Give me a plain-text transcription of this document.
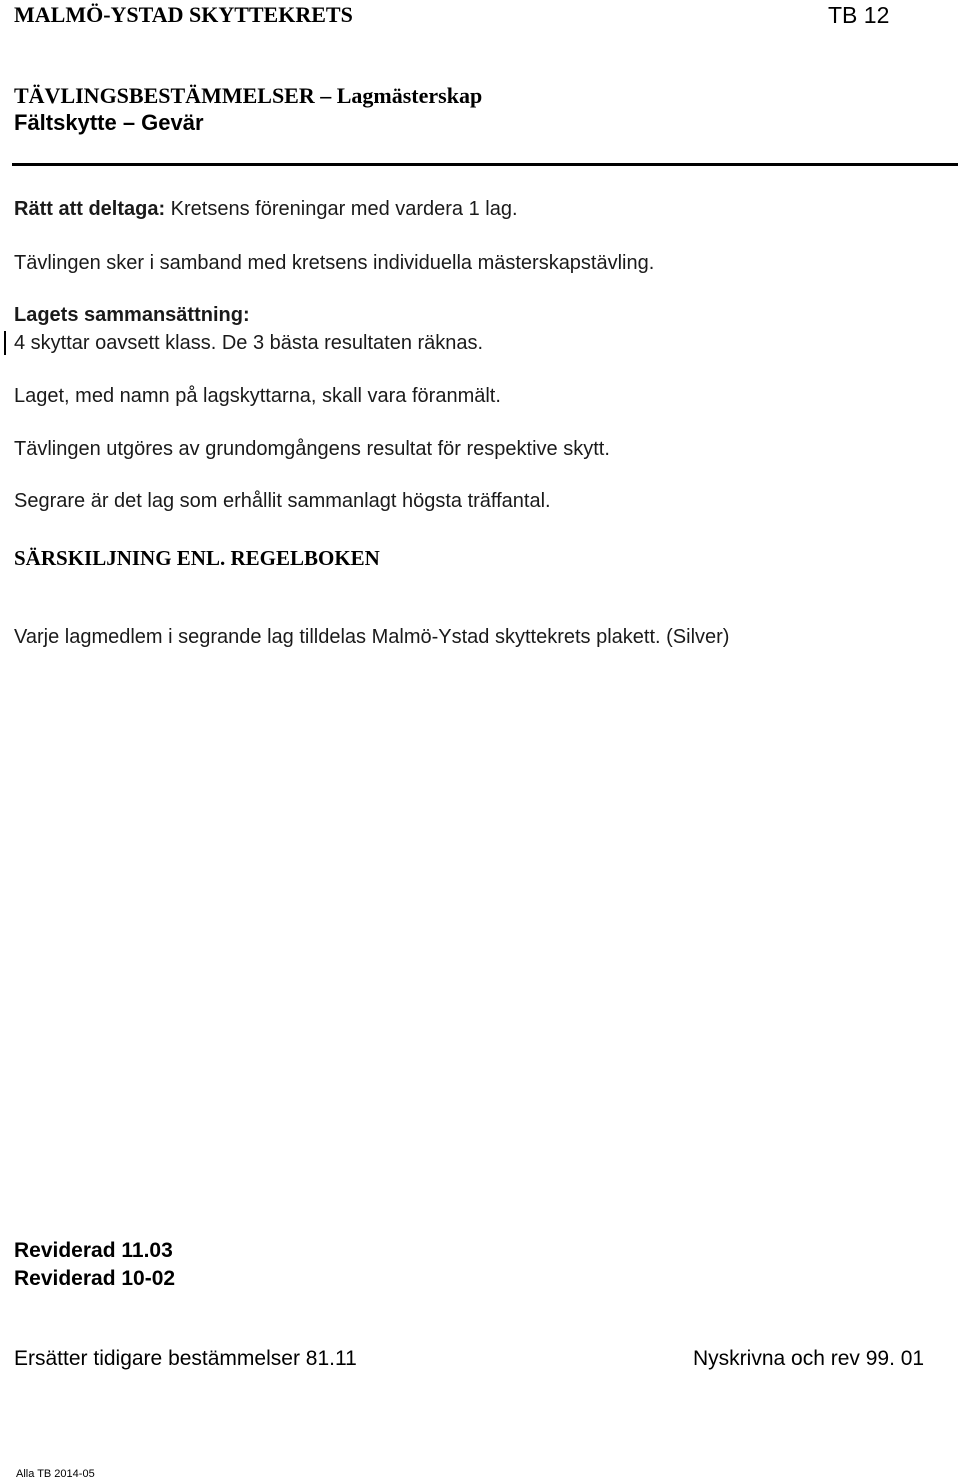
MALMÖ-YSTAD SKYTTEKRETS	TB 12
TÄVLINGSBESTÄMMELSER – Lagmästerskap
Fältskytte – Gevär
Rätt att deltaga: Kretsens föreningar med vardera 1 lag.
Tävlingen sker i samband med kretsens individuella mästerskapstävling.
Lagets sammansättning:
4 skyttar oavsett klass. De 3 bästa resultaten räknas.
Laget, med namn på lagskyttarna, skall vara föranmält.
Tävlingen utgöres av grundomgångens resultat för respektive skytt.
Segrare är det lag som erhållit sammanlagt högsta träffantal.
SÄRSKILJNING ENL. REGELBOKEN
Varje lagmedlem i segrande lag tilldelas Malmö-Ystad skyttekrets plakett. (Silver)
Reviderad 11.03
Reviderad 10-02
Ersätter tidigare bestämmelser 81.11	Nyskrivna och rev 99. 01
Alla TB 2014-05
